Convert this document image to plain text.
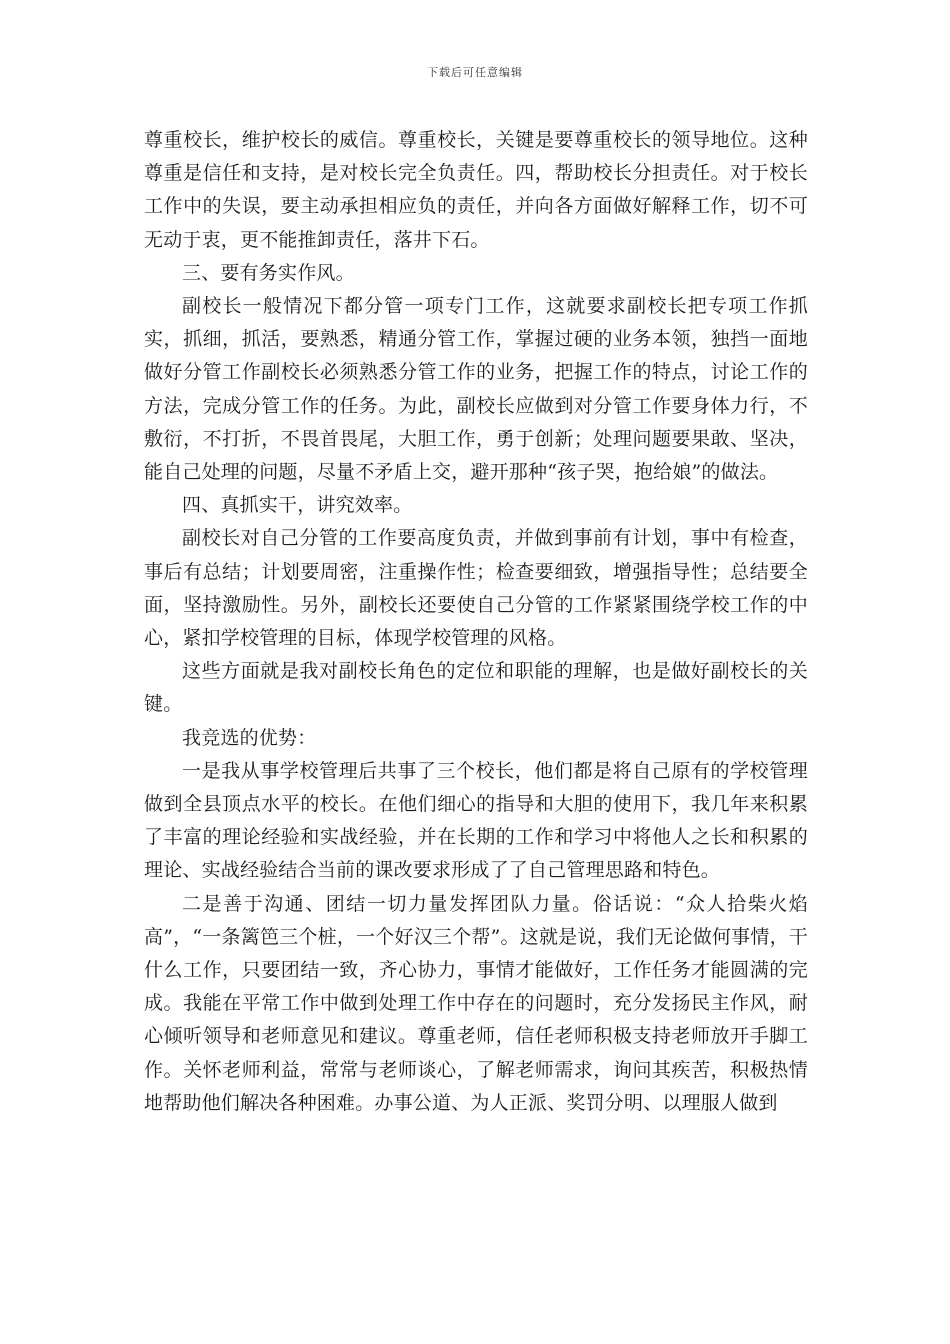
下载后可任意编辑

尊重校长，维护校长的威信。尊重校长，关键是要尊重校长的领导地位。这种尊重是信任和支持，是对校长完全负责任。四，帮助校长分担责任。对于校长工作中的失误，要主动承担相应负的责任，并向各方面做好解释工作，切不可无动于衷，更不能推卸责任，落井下石。

三、要有务实作风。

副校长一般情况下都分管一项专门工作，这就要求副校长把专项工作抓实，抓细，抓活，要熟悉，精通分管工作，掌握过硬的业务本领，独挡一面地做好分管工作副校长必须熟悉分管工作的业务，把握工作的特点，讨论工作的方法，完成分管工作的任务。为此，副校长应做到对分管工作要身体力行，不敷衍，不打折，不畏首畏尾，大胆工作，勇于创新；处理问题要果敢、坚决，能自己处理的问题，尽量不矛盾上交，避开那种“孩子哭，抱给娘”的做法。

四、真抓实干，讲究效率。

副校长对自己分管的工作要高度负责，并做到事前有计划，事中有检查，事后有总结；计划要周密，注重操作性；检查要细致，增强指导性；总结要全面，坚持激励性。另外，副校长还要使自己分管的工作紧紧围绕学校工作的中心，紧扣学校管理的目标，体现学校管理的风格。

这些方面就是我对副校长角色的定位和职能的理解，也是做好副校长的关键。

我竞选的优势：

一是我从事学校管理后共事了三个校长，他们都是将自己原有的学校管理做到全县顶点水平的校长。在他们细心的指导和大胆的使用下，我几年来积累了丰富的理论经验和实战经验，并在长期的工作和学习中将他人之长和积累的理论、实战经验结合当前的课改要求形成了了自己管理思路和特色。

二是善于沟通、团结一切力量发挥团队力量。俗话说：“众人拾柴火焰高”，“一条篱笆三个桩，一个好汉三个帮”。这就是说，我们无论做何事情，干什么工作，只要团结一致，齐心协力，事情才能做好，工作任务才能圆满的完成。我能在平常工作中做到处理工作中存在的问题时，充分发扬民主作风，耐心倾听领导和老师意见和建议。尊重老师，信任老师积极支持老师放开手脚工作。关怀老师利益，常常与老师谈心，了解老师需求，询问其疾苦，积极热情地帮助他们解决各种困难。办事公道、为人正派、奖罚分明、以理服人做到
